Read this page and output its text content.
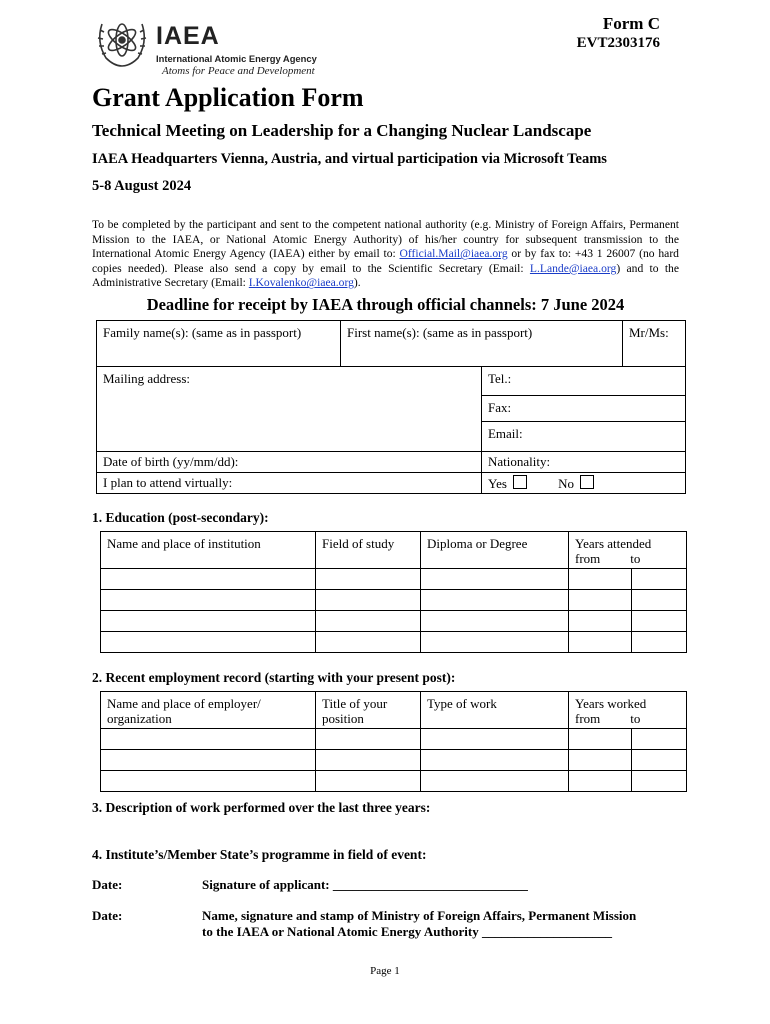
IAEA
International Atomic Energy Agency
Atoms for Peace and Development
Form C
EVT2303176
Grant Application Form
Technical Meeting on Leadership for a Changing Nuclear Landscape
IAEA Headquarters Vienna, Austria, and virtual participation via Microsoft Teams
5-8 August 2024
To be completed by the participant and sent to the competent national authority (e.g. Ministry of Foreign Affairs, Permanent Mission to the IAEA, or National Atomic Energy Authority) of his/her country for subsequent transmission to the International Atomic Energy Agency (IAEA) either by email to: Official.Mail@iaea.org or by fax to: +43 1 26007 (no hard copies needed). Please also send a copy by email to the Scientific Secretary (Email: L.Lande@iaea.org) and to the Administrative Secretary (Email: I.Kovalenko@iaea.org).
Deadline for receipt by IAEA through official channels: 7 June 2024
Family name(s): (same as in passport)	First name(s): (same as in passport)		Mr/Ms:

Mailing address:		Tel.:	

		Fax:	

		Email:	

Date of birth (yy/mm/dd):		Nationality:	

I plan to attend virtually:		Yes No	
1. Education (post-secondary):
Name and place of institution	Field of study	Diploma or Degree	Years attended
from to	

2. Recent employment record (starting with your present post):
Name and place of employer/ organization	Title of your position	Type of work	Years worked
from to	

3. Description of work performed over the last three years:
4. Institute’s/Member State’s programme in field of event:
Date:	Signature of applicant: ______________________________
Date:	Name, signature and stamp of Ministry of Foreign Affairs, Permanent Mission
to the IAEA or National Atomic Energy Authority ____________________
Page 1
